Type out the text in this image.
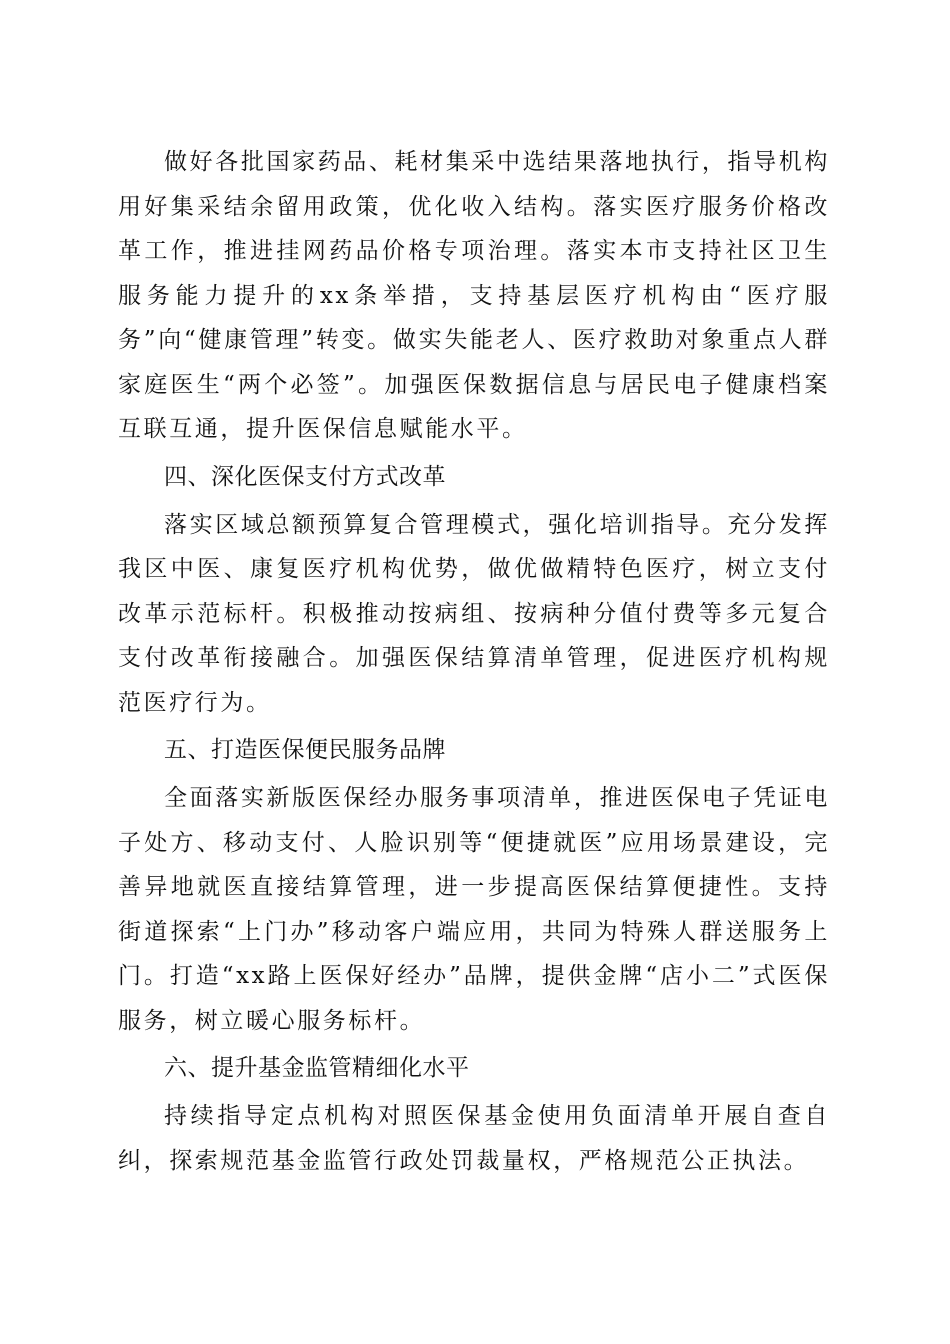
做好各批国家药品、耗材集采中选结果落地执行，指导机构用好集采结余留用政策，优化收入结构。落实医疗服务价格改革工作，推进挂网药品价格专项治理。落实本市支持社区卫生服务能力提升的xx条举措，支持基层医疗机构由“医疗服务”向“健康管理”转变。做实失能老人、医疗救助对象重点人群家庭医生“两个必签”。加强医保数据信息与居民电子健康档案互联互通，提升医保信息赋能水平。

四、深化医保支付方式改革

落实区域总额预算复合管理模式，强化培训指导。充分发挥我区中医、康复医疗机构优势，做优做精特色医疗，树立支付改革示范标杆。积极推动按病组、按病种分值付费等多元复合支付改革衔接融合。加强医保结算清单管理，促进医疗机构规范医疗行为。

五、打造医保便民服务品牌

全面落实新版医保经办服务事项清单，推进医保电子凭证电子处方、移动支付、人脸识别等“便捷就医”应用场景建设，完善异地就医直接结算管理，进一步提高医保结算便捷性。支持街道探索“上门办”移动客户端应用，共同为特殊人群送服务上门。打造“xx路上医保好经办”品牌，提供金牌“店小二”式医保服务，树立暖心服务标杆。

六、提升基金监管精细化水平

持续指导定点机构对照医保基金使用负面清单开展自查自纠，探索规范基金监管行政处罚裁量权，严格规范公正执法。
